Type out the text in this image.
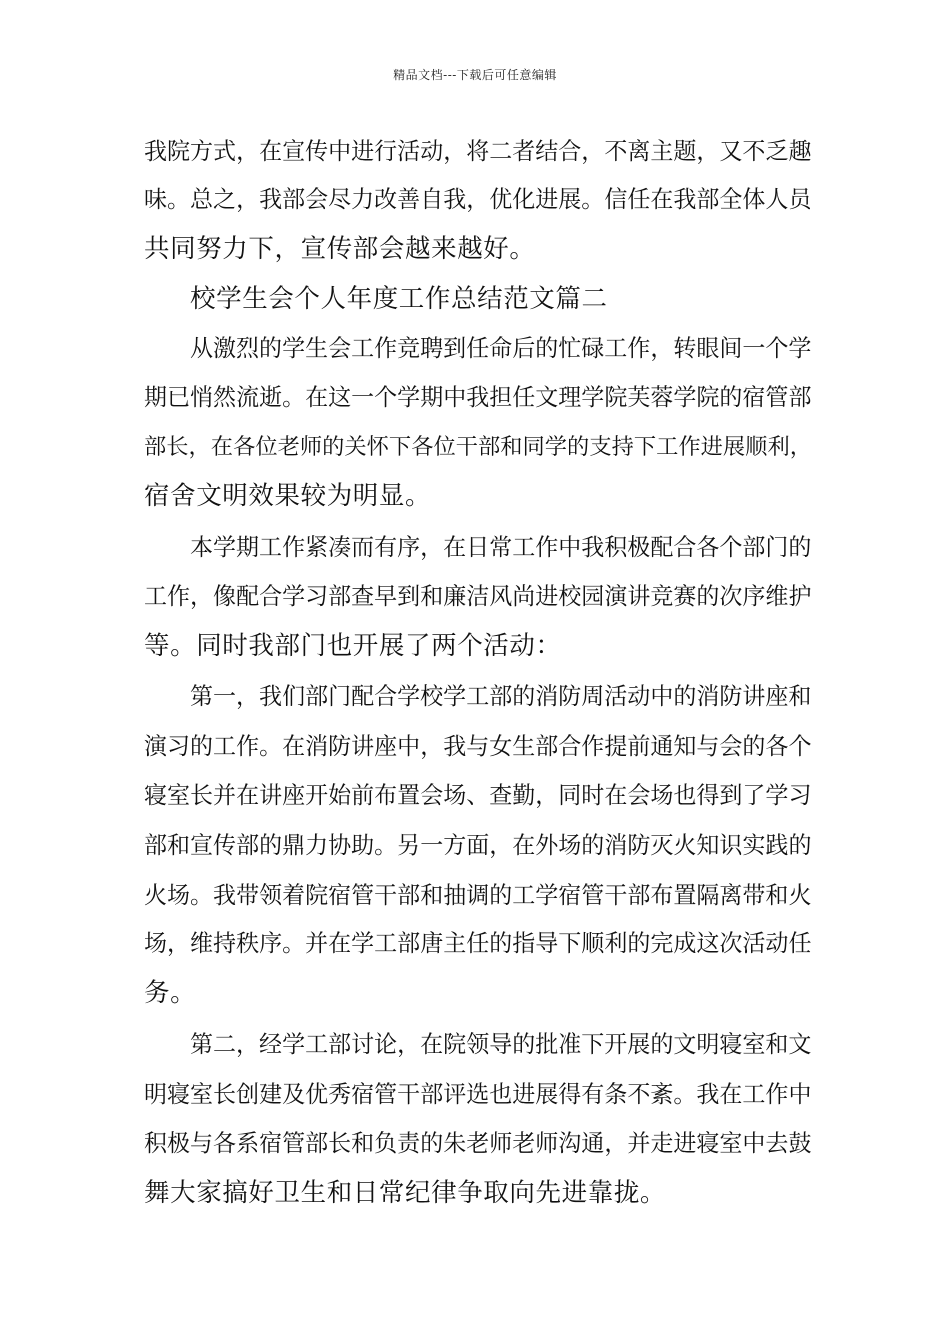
精品文档---下载后可任意编辑
我院方式，在宣传中进行活动，将二者结合，不离主题，又不乏趣
味。总之，我部会尽力改善自我，优化进展。信任在我部全体人员
共同努力下，宣传部会越来越好。
校学生会个人年度工作总结范文篇二
从激烈的学生会工作竞聘到任命后的忙碌工作，转眼间一个学
期已悄然流逝。在这一个学期中我担任文理学院芙蓉学院的宿管部
部长，在各位老师的关怀下各位干部和同学的支持下工作进展顺利，
宿舍文明效果较为明显。
本学期工作紧凑而有序，在日常工作中我积极配合各个部门的
工作，像配合学习部查早到和廉洁风尚进校园演讲竞赛的次序维护
等。同时我部门也开展了两个活动：
第一，我们部门配合学校学工部的消防周活动中的消防讲座和
演习的工作。在消防讲座中，我与女生部合作提前通知与会的各个
寝室长并在讲座开始前布置会场、查勤，同时在会场也得到了学习
部和宣传部的鼎力协助。另一方面，在外场的消防灭火知识实践的
火场。我带领着院宿管干部和抽调的工学宿管干部布置隔离带和火
场，维持秩序。并在学工部唐主任的指导下顺利的完成这次活动任
务。
第二，经学工部讨论，在院领导的批准下开展的文明寝室和文
明寝室长创建及优秀宿管干部评选也进展得有条不紊。我在工作中
积极与各系宿管部长和负责的朱老师老师沟通，并走进寝室中去鼓
舞大家搞好卫生和日常纪律争取向先进靠拢。
